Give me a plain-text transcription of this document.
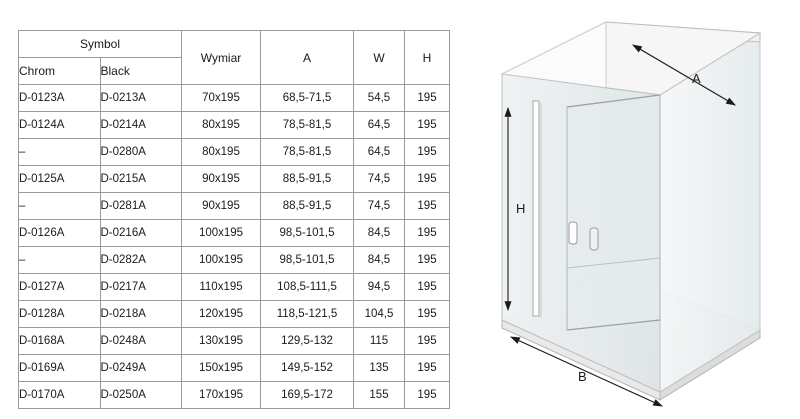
Symbol		Wymiar	A	W	H
Chrom	Black				
D-0123A	D-0213A	70x195	68,5-71,5	54,5	195
D-0124A	D-0214A	80x195	78,5-81,5	64,5	195
–	D-0280A	80x195	78,5-81,5	64,5	195
D-0125A	D-0215A	90x195	88,5-91,5	74,5	195
–	D-0281A	90x195	88,5-91,5	74,5	195
D-0126A	D-0216A	100x195	98,5-101,5	84,5	195
–	D-0282A	100x195	98,5-101,5	84,5	195
D-0127A	D-0217A	110x195	108,5-111,5	94,5	195
D-0128A	D-0218A	120x195	118,5-121,5	104,5	195
D-0168A	D-0248A	130x195	129,5-132	115	195
D-0169A	D-0249A	150x195	149,5-152	135	195
D-0170A	D-0250A	170x195	169,5-172	155	195
A
H
B
